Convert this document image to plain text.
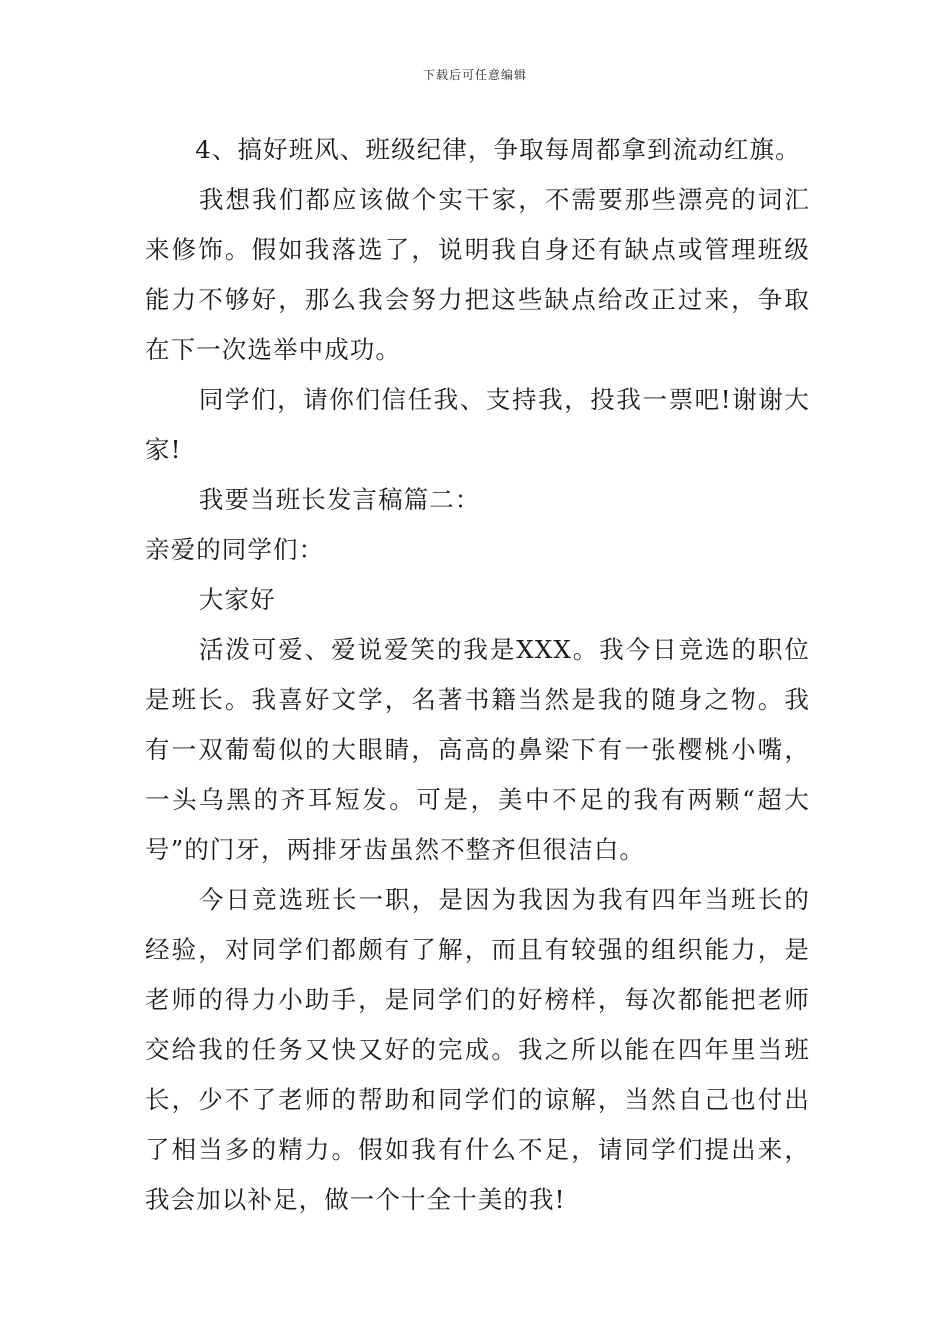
下载后可任意编辑

4、搞好班风、班级纪律，争取每周都拿到流动红旗。

我想我们都应该做个实干家，不需要那些漂亮的词汇来修饰。假如我落选了，说明我自身还有缺点或管理班级能力不够好，那么我会努力把这些缺点给改正过来，争取在下一次选举中成功。

同学们，请你们信任我、支持我，投我一票吧!谢谢大家!

我要当班长发言稿篇二：

亲爱的同学们：

大家好

活泼可爱、爱说爱笑的我是XXX。我今日竞选的职位是班长。我喜好文学，名著书籍当然是我的随身之物。我有一双葡萄似的大眼睛，高高的鼻梁下有一张樱桃小嘴，一头乌黑的齐耳短发。可是，美中不足的我有两颗“超大号”的门牙，两排牙齿虽然不整齐但很洁白。

今日竞选班长一职，是因为我因为我有四年当班长的经验，对同学们都颇有了解，而且有较强的组织能力，是老师的得力小助手，是同学们的好榜样，每次都能把老师交给我的任务又快又好的完成。我之所以能在四年里当班长，少不了老师的帮助和同学们的谅解，当然自己也付出了相当多的精力。假如我有什么不足，请同学们提出来，我会加以补足，做一个十全十美的我!
